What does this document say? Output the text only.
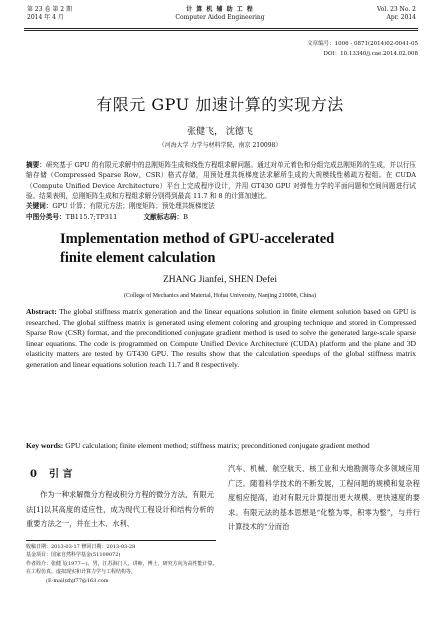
第 23 卷 第 2 期
2014 年 4 月
计 算 机 辅 助 工 程
Computer Aided Engineering
Vol. 23 No. 2
Apr. 2014
文章编号：1006 - 0871(2014)02-0041-05
DOI：10.13340/j.cae.2014.02.008
有限元 GPU 加速计算的实现方法
张健飞， 沈德飞
（河海大学 力学与材料学院，南京 210098）
摘要：研究基于 GPU 的有限元求解中的总刚矩阵生成和线性方程组求解问题。通过对单元着色和分组完成总刚矩阵的生成，并以行压缩存储（Compressed Sparse Row，CSR）格式存储，用预处理共轭梯度法求解所生成的大规模线性稀疏方程组。在 CUDA（Compute Unified Device Architecture）平台上完成程序设计，并用 GT430 GPU 对弹性力学的平面问题和空间问题进行试验。结果表明，总刚矩阵生成和方程组求解分别得到最高 11.7 和 8 的计算加速比。
关键词：GPU 计算；有限元方法；刚度矩阵；预处理共轭梯度法
中图分类号：TB115.7;TP311	文献标志码：B
Implementation method of GPU-accelerated
finite element calculation
ZHANG Jianfei, SHEN Defei
(College of Mechanics and Material, Hohai University, Nanjing 210098, China)
Abstract: The global stiffness matrix generation and the linear equations solution in finite element solution based on GPU is researched. The global stiffness matrix is generated using element coloring and grouping technique and stored in Compressed Sparse Row (CSR) format, and the preconditioned conjugate gradient method is used to solve the generated large-scale sparse linear equations. The code is programmed on Compute Unified Device Architecture (CUDA) platform and the plane and 3D elasticity matters are tested by GT430 GPU. The results show that the calculation speedups of the global stiffness matrix generation and linear equations solution reach 11.7 and 8 respectively.
Key words: GPU calculation; finite element method; stiffness matrix; preconditioned conjugate gradient method
0 引 言
作为一种求解微分方程或积分方程的微分方法，有限元法[1]以其高度的适应性，成为现代工程设计和结构分析的重要方法之一，并在土木、水利、
汽车、机械、航空航天、核工业和大地勘测等众多领域应用广泛。随着科学技术的不断发展，工程问题的规模和复杂程度相应提高，迫对有限元计算提出更大规模、更快速度的要求。有限元法的基本思想是“化整为零，积零为整”，与并行计算技术的“分而治
收稿日期：2013-03-17 修回日期：2013-03-28
基金项目：国家自然科学基金(51109072)
作者简介：张健飞(1977—)，男，江苏海门人，讲师，博士，研究方向为高性能计算、在工程仿真、虚拟现实和计算力学与工程结构等，
(E-mail)zhjf77@163.com
